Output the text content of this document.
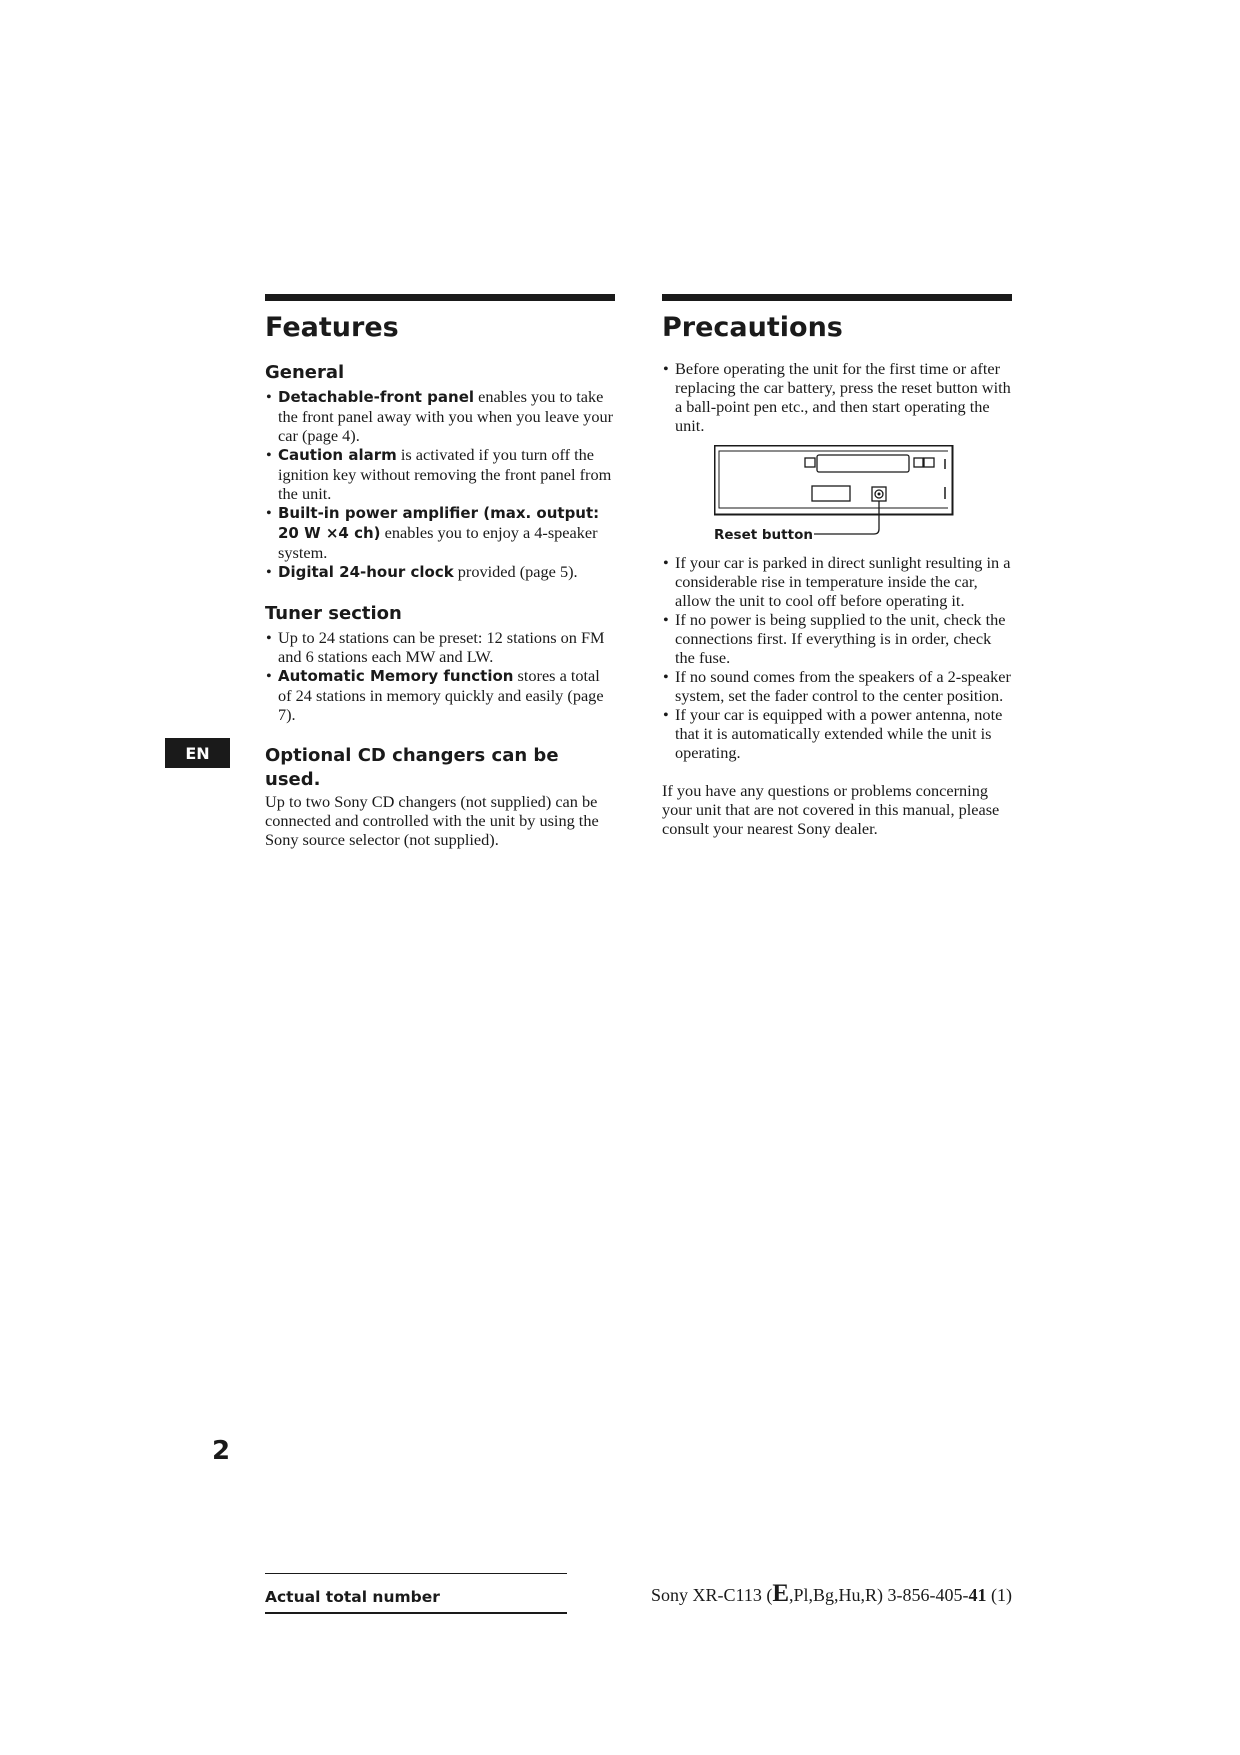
Features
General
• Detachable-front panel enables you to take the front panel away with you when you leave your car (page 4).
• Caution alarm is activated if you turn off the ignition key without removing the front panel from the unit.
• Built-in power amplifier (max. output: 20 W ×4 ch) enables you to enjoy a 4-speaker system.
• Digital 24-hour clock provided (page 5).
Tuner section
• Up to 24 stations can be preset: 12 stations on FM and 6 stations each MW and LW.
• Automatic Memory function stores a total of 24 stations in memory quickly and easily (page 7).
Optional CD changers can be used.

Up to two Sony CD changers (not supplied) can be connected and controlled with the unit by using the Sony source selector (not supplied).

Precautions
• Before operating the unit for the first time or after replacing the car battery, press the reset button with a ball-point pen etc., and then start operating the unit.
Reset button
• If your car is parked in direct sunlight resulting in a considerable rise in temperature inside the car, allow the unit to cool off before operating it.
• If no power is being supplied to the unit, check the connections first. If everything is in order, check the fuse.
• If no sound comes from the speakers of a 2-speaker system, set the fader control to the center position.
• If your car is equipped with a power antenna, note that it is automatically extended while the unit is operating.

If you have any questions or problems concerning your unit that are not covered in this manual, please consult your nearest Sony dealer.

EN
2
Actual total number	Sony XR-C113 (E,Pl,Bg,Hu,R) 3-856-405-41 (1)
